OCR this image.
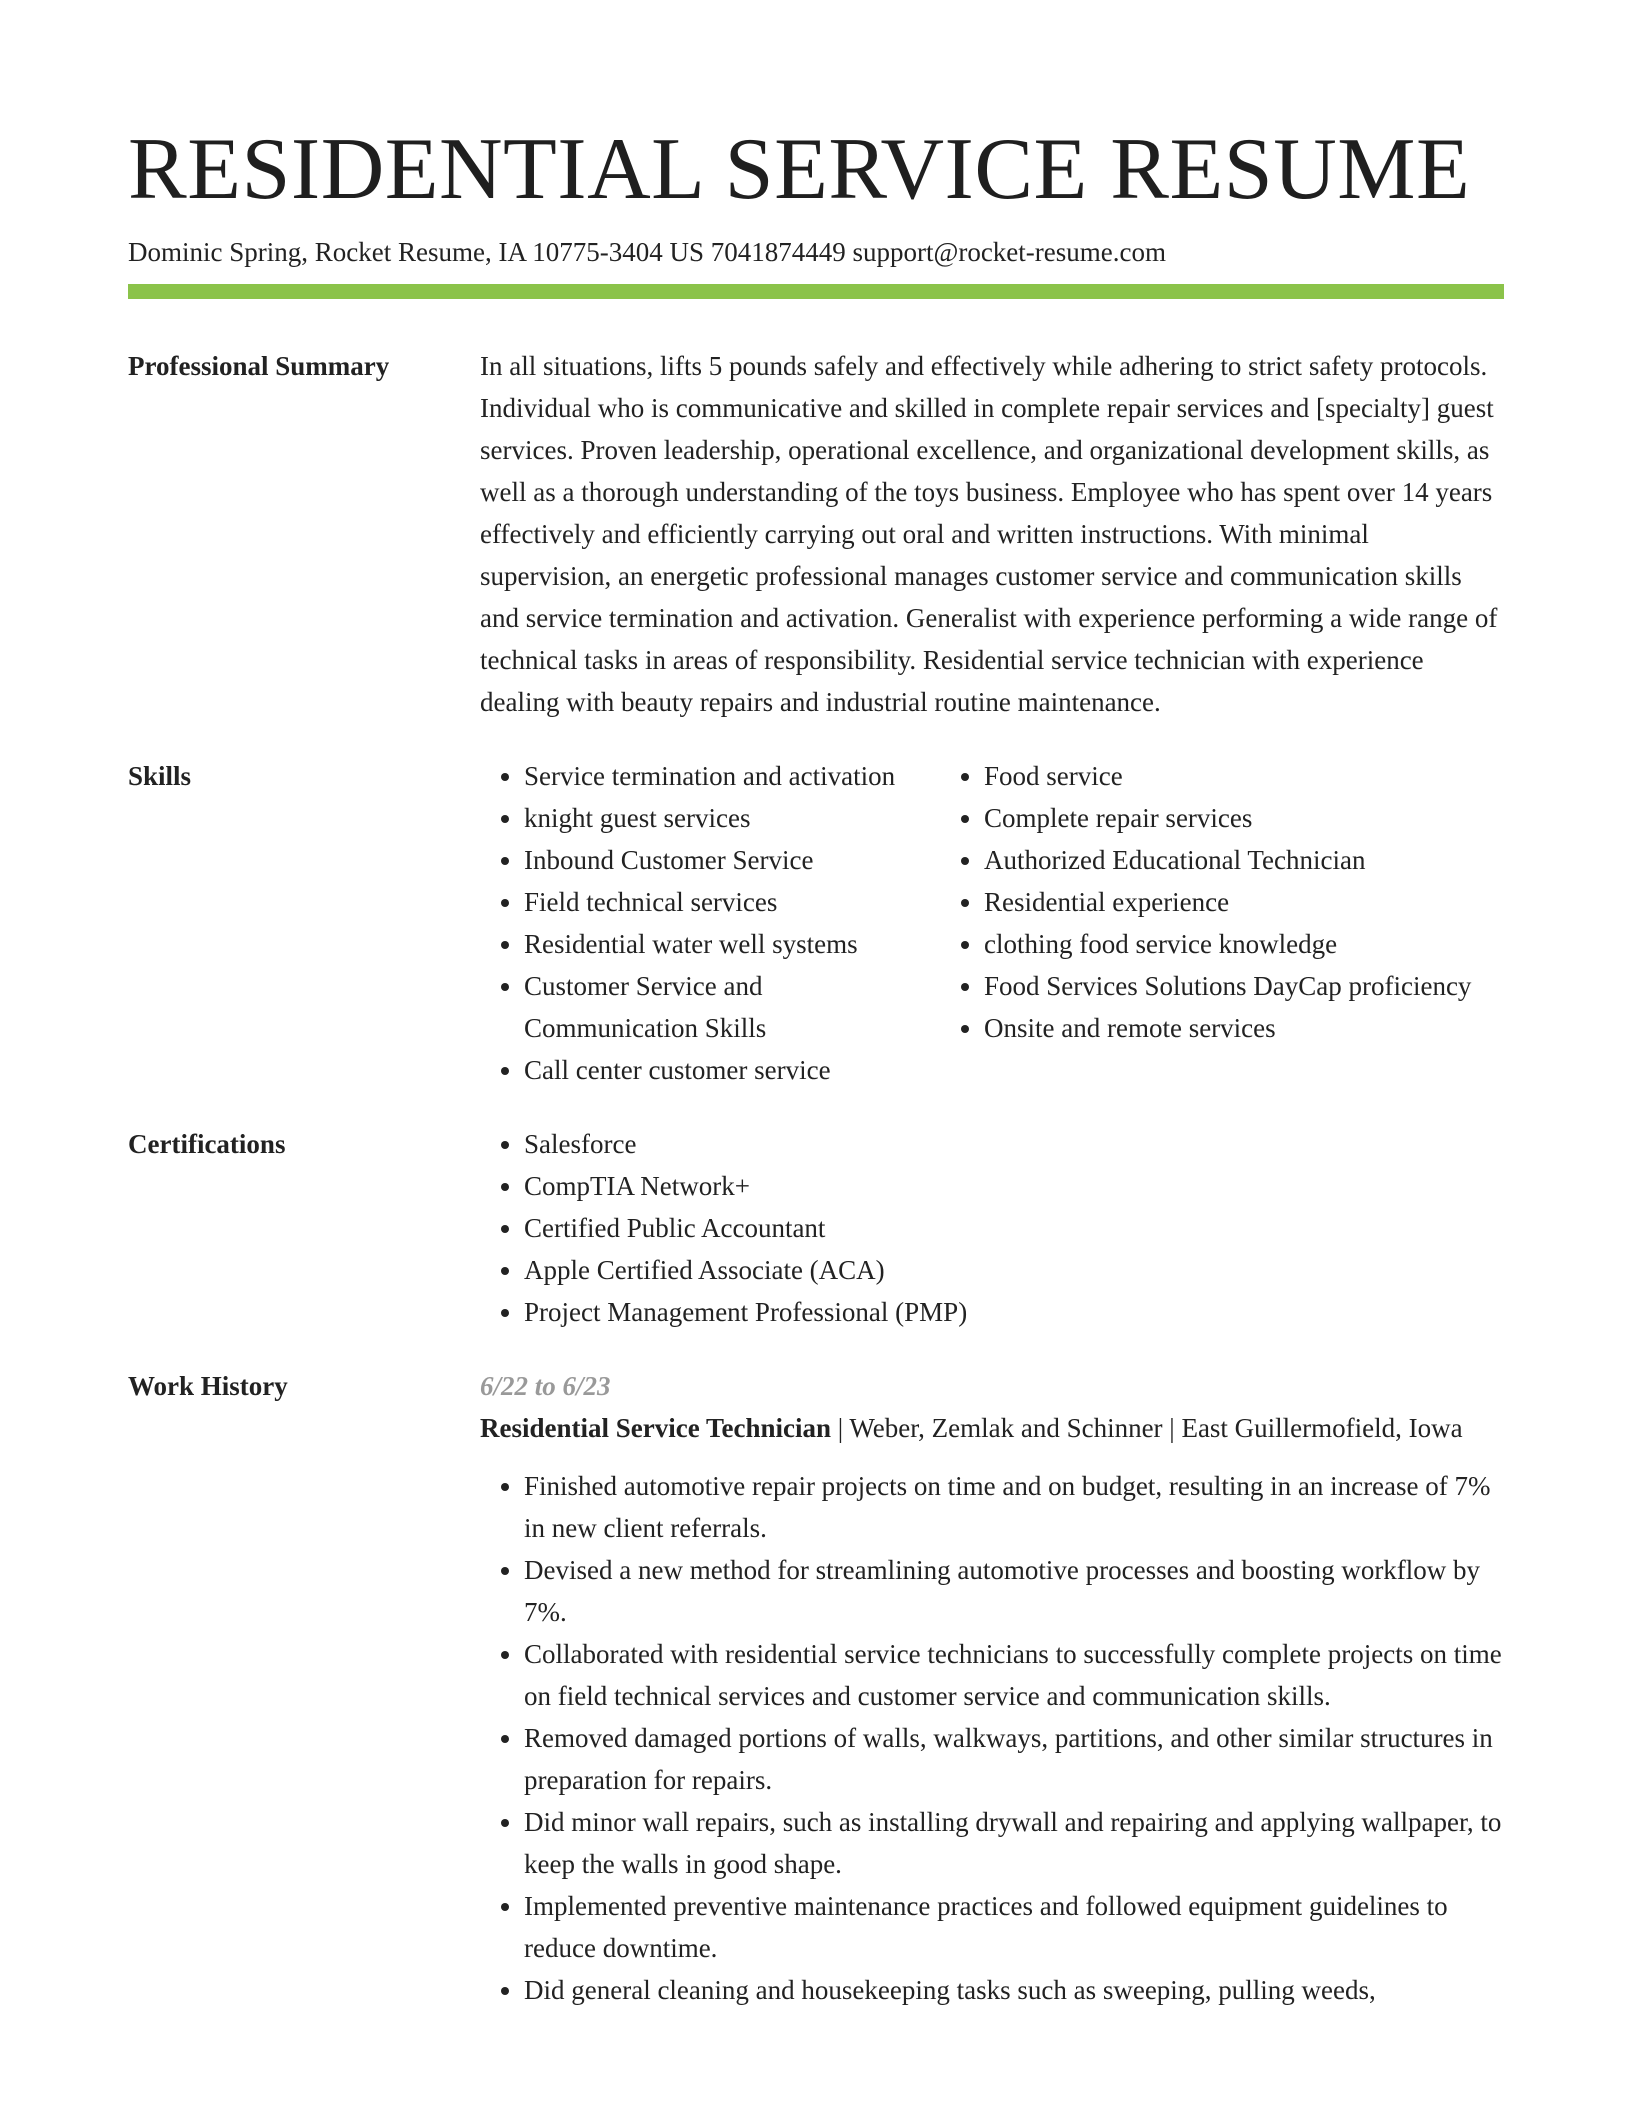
RESIDENTIAL SERVICE RESUME
Dominic Spring, Rocket Resume, IA 10775-3404 US 7041874449 support@rocket-resume.com
Professional Summary	In all situations, lifts 5 pounds safely and effectively while adhering to strict safety protocols. Individual who is communicative and skilled in complete repair services and [specialty] guest services. Proven leadership, operational excellence, and organizational development skills, as well as a thorough understanding of the toys business. Employee who has spent over 14 years effectively and efficiently carrying out oral and written instructions. With minimal supervision, an energetic professional manages customer service and communication skills and service termination and activation. Generalist with experience performing a wide range of technical tasks in areas of responsibility. Residential service technician with experience dealing with beauty repairs and industrial routine maintenance.

Skills	• Service termination and activation
• knight guest services
• Inbound Customer Service
• Field technical services
• Residential water well systems
• Customer Service and Communication Skills
• Call center customer service
• Food service
• Complete repair services
• Authorized Educational Technician
• Residential experience
• clothing food service knowledge
• Food Services Solutions DayCap proficiency
• Onsite and remote services
Certifications	• Salesforce
• CompTIA Network+
• Certified Public Accountant
• Apple Certified Associate (ACA)
• Project Management Professional (PMP)
Work History	6/22 to 6/23
Residential Service Technician | Weber, Zemlak and Schinner | East Guillermofield, Iowa
• Finished automotive repair projects on time and on budget, resulting in an increase of 7% in new client referrals.
• Devised a new method for streamlining automotive processes and boosting workflow by 7%.
• Collaborated with residential service technicians to successfully complete projects on time on field technical services and customer service and communication skills.
• Removed damaged portions of walls, walkways, partitions, and other similar structures in preparation for repairs.
• Did minor wall repairs, such as installing drywall and repairing and applying wallpaper, to keep the walls in good shape.
• Implemented preventive maintenance practices and followed equipment guidelines to reduce downtime.
• Did general cleaning and housekeeping tasks such as sweeping, pulling weeds,
